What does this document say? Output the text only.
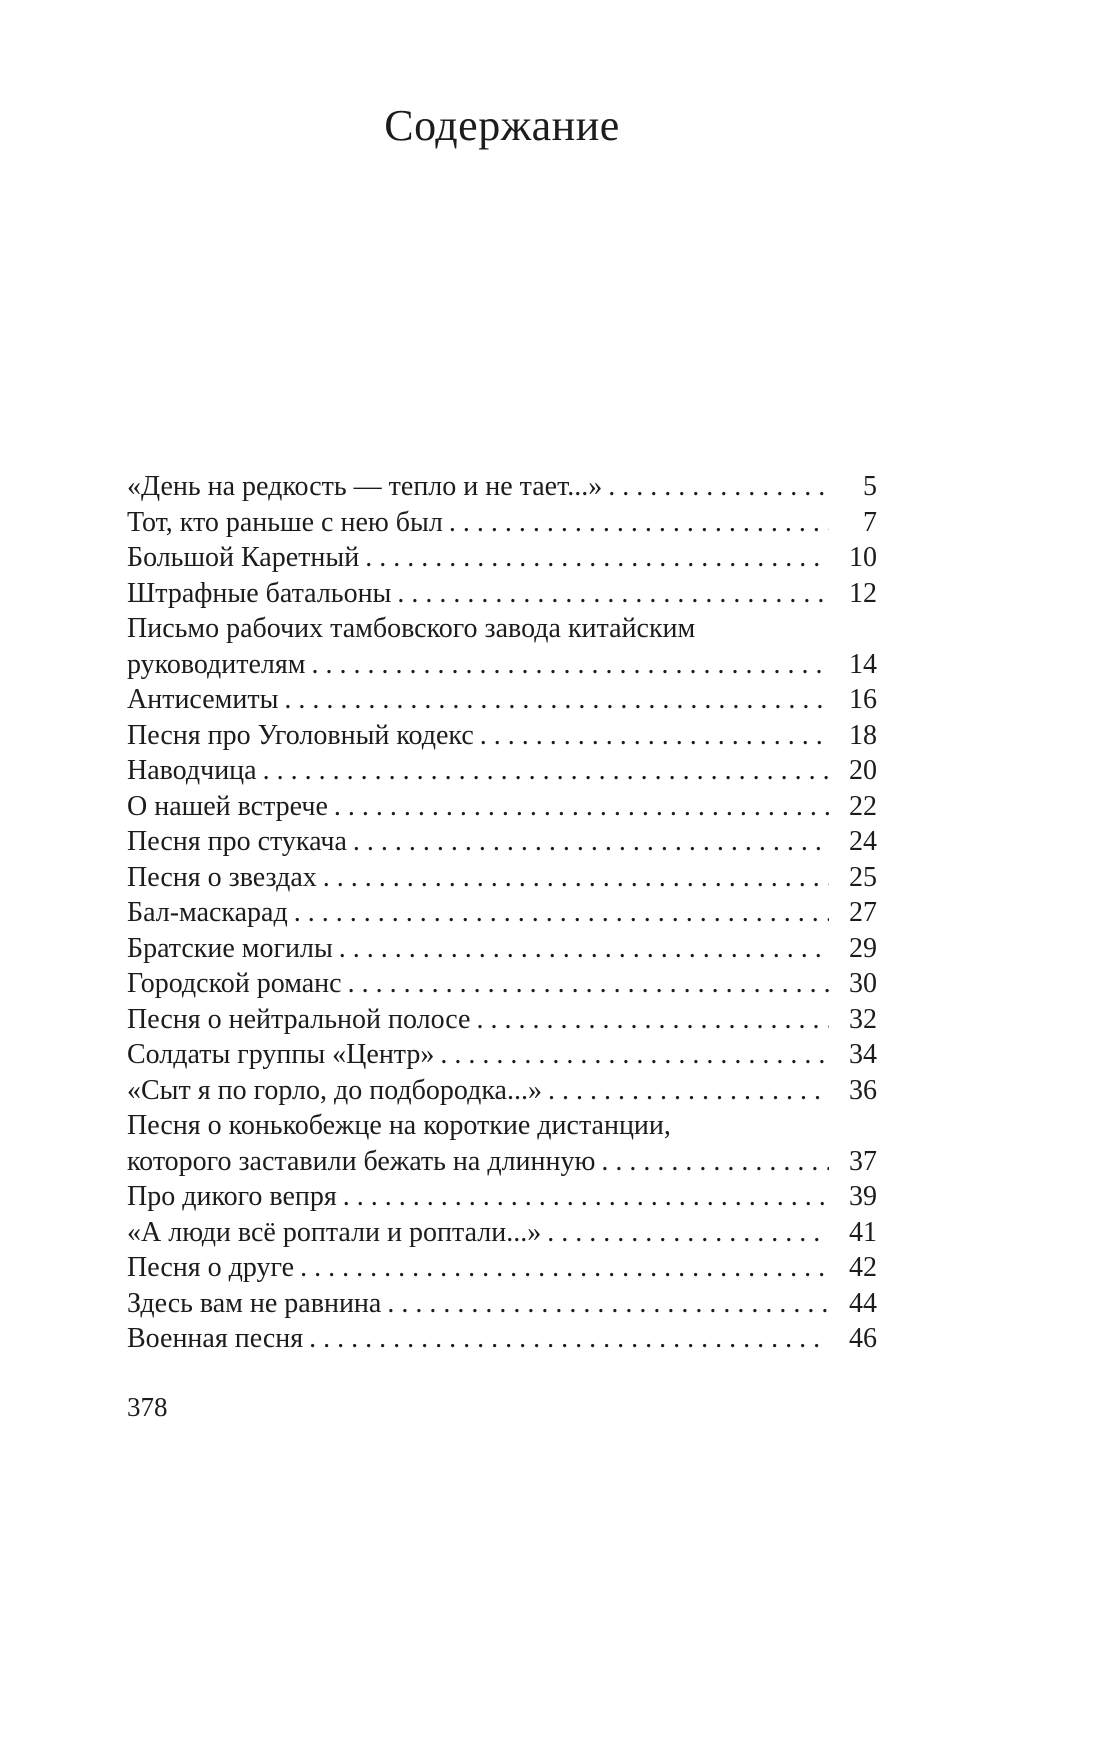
Содержание
«День на редкость — тепло и не тает...» . . .	5
Тот, кто раньше с нею был . . .	7
Большой Каретный . . .	10
Штрафные батальоны . . .	12
Письмо рабочих тамбовского завода китайским
руководителям . . .	14
Антисемиты . . .	16
Песня про Уголовный кодекс . . .	18
Наводчица . . .	20
О нашей встрече . . .	22
Песня про стукача . . .	24
Песня о звездах . . .	25
Бал-маскарад . . .	27
Братские могилы . . .	29
Городской романс . . .	30
Песня о нейтральной полосе . . .	32
Солдаты группы «Центр» . . .	34
«Сыт я по горло, до подбородка...» . . .	36
Песня о конькобежце на короткие дистанции,
которого заставили бежать на длинную . . .	37
Про дикого вепря . . .	39
«А люди всё роптали и роптали...» . . .	41
Песня о друге . . .	42
Здесь вам не равнина . . .	44
Военная песня . . .	46
378
